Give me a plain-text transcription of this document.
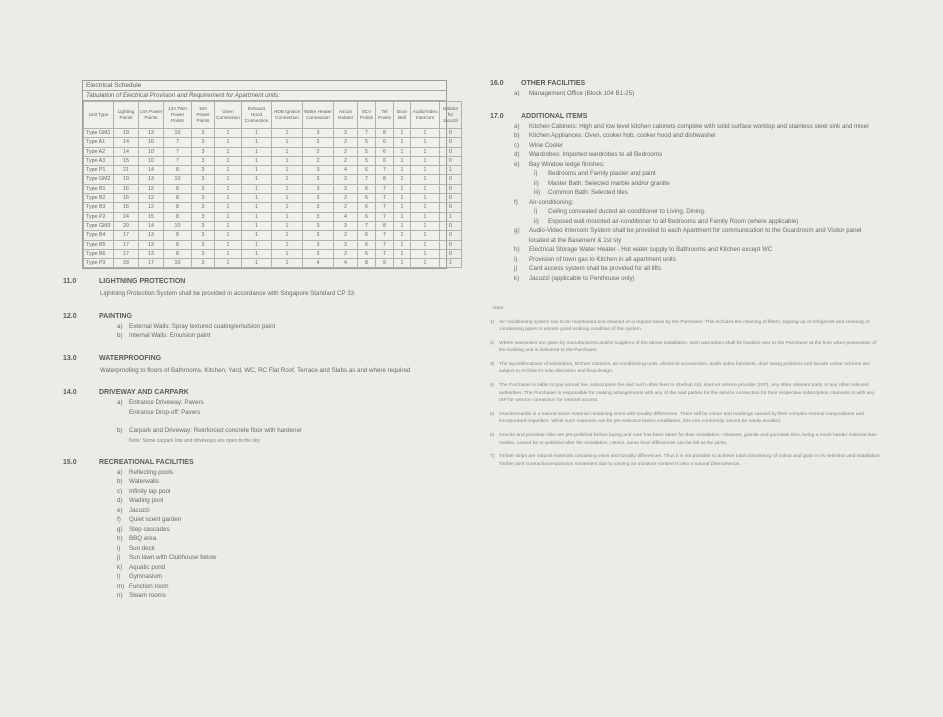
Electrical Schedule
Tabulation of Electrical Provision and Requirement for Apartment units:
Unit Type	Lighting Points	13A Power Points	13A Twin Power Points	15A Power Points	Oven Connection	Exhaust Hood Connection	HOB Ignition Connection	Water Heater Connection	Aircon Isolator	SCV Points	Tel Points	Door Bell	Audio/Video Intercom	Isolator for Jacuzzi
Type GM1	19	13	10	3	1	1	1	3	3	7	8	1	1	0
Type A1	14	10	7	3	1	1	1	2	2	5	6	1	1	0
Type A2	14	10	7	3	1	1	1	2	2	5	6	1	1	0
Type A3	15	10	7	3	1	1	1	2	2	5	6	1	1	0
Type P1	21	14	8	3	1	1	1	3	4	6	7	1	1	1
Type GM2	19	13	10	3	1	1	1	3	3	7	8	1	1	0
Type B1	16	12	8	3	1	1	1	3	2	6	7	1	1	0
Type B2	16	12	8	3	1	1	1	3	2	6	7	1	1	0
Type B3	16	12	8	3	1	1	1	3	2	6	7	1	1	0
Type P2	24	15	8	3	1	1	1	3	4	6	7	1	1	1
Type GM3	20	14	10	3	1	1	1	3	3	7	8	1	1	0
Type B4	17	13	8	3	1	1	1	3	2	6	7	1	1	0
Type B5	17	13	8	3	1	1	1	3	2	6	7	1	1	0
Type B6	17	13	8	3	1	1	1	3	2	6	7	1	1	0
Type P3	28	17	10	3	1	1	1	4	4	8	9	1	1	1
11.0	LIGHTNING PROTECTION
Lightning Protection System shall be provided in accordance with Singapore Standard CP 33
12.0	PAINTING
a)	External Walls: Spray textured coating/emulsion paint
b)	Internal Walls: Emulsion paint
13.0	WATERPROOFING
Waterproofing to floors of Bathrooms, Kitchen, Yard, WC, RC Flat Roof, Terrace and Slabs as and where required
14.0	DRIVEWAY AND CARPARK
a)	Entrance Driveway: Pavers
Entrance Drop-off: Pavers
b)	Carpark and Driveway: Reinforced concrete floor with hardener
Note: Some carpark lots and driveways are open to the sky
15.0	RECREATIONAL FACILITIES
a)	Reflecting pools
b)	Waterwalls
c)	Infinity lap pool
d)	Wading pool
e)	Jacuzzi
f)	Quiet scent garden
g)	Step cascades
h)	BBQ area
i)	Sun deck
j)	Sun lawn with Clubhouse below
k)	Aquatic pond
l)	Gymnasium
m) Function room
n)	Steam rooms
16.0	OTHER FACILITIES
a)	Management Office (Block 104 B1-25)
17.0	ADDITIONAL ITEMS
a)	Kitchen Cabinets: High and low level kitchen cabinets complete with solid surface worktop and stainless steel sink and mixer
b)	Kitchen Appliances: Oven, cooker hob, cooker hood and dishwasher
c)	Wine Cooler
d)	Wardrobes: Imported wardrobes to all Bedrooms
e)	Bay Window ledge finishes:
i)	Bedrooms and Family plaster and paint
ii)	Master Bath: Selected marble and/or granite
iii)	Common Bath: Selected tiles
f)	Air-conditioning:
i)	Ceiling concealed ducted air-conditioner to Living, Dining.
ii)	Exposed wall mounted air-conditioner to all Bedrooms and Family Room (where applicable)
g)	Audio-Video Intercom System shall be provided to each Apartment for communication to the Guardroom and Visitor panel located at the Basement & 1st sty
h)	Electrical Storage Water Heater - Hot water supply to Bathrooms and Kitchen except WC
i)	Provision of town gas to Kitchen in all apartment units
j)	Card access system shall be provided for all lifts
k)	Jacuzzi (applicable to Penthouse only)
Note:
1) Air conditioning system has to be maintained and cleaned on a regular basis by the Purchaser. This includes the cleaning of filters, topping-up of refrigerant and cleaning of condensing pipes to ensure good working condition of the system.
2) Where warranties are given by manufacturers and/or suppliers of the above installation, such warranties shall be handed over to the Purchaser at the time when possession of the building unit is delivered to the Purchaser.
3) The layout/locations of wardrobes, kitchen cabinets, air-conditioning units, electrical accessories, audio video handsets, door swing positions and facade colour scheme are subject to Architect's sole discretion and final design.
4) The Purchaser is liable to pay annual fee, subscription fee and such other fees to Starhub Ltd, internet service provider (ISP), any other relevant party or any other relevant authorities. The Purchaser is responsible for making arrangements with any of the said parties for the service connection for their respective subscription channels or with any ISP for service connection for internet access.
5) Granite/marble is a natural stone material containing veins with tonality differences. There will be colour and markings caused by their complex mineral compositions and incorporated impurities. While such materials can be pre-selected before installation, this non-conformity cannot be totally avoided.
6) Granite and porcelain tiles are pre-polished before laying and care has been taken for their installation. However, granite and porcelain tiles, being a much harder material than marble, cannot be re-polished after the installation. Hence, some level differences can be felt at the joints.
7) Timber strips are natural materials containing veins and tonality differences. Thus it is not possible to achieve total consistency of colour and grain in its selection and installation. Timber joint contraction/expansion movement due to varying air moisture content is also a natural phenomenon.
